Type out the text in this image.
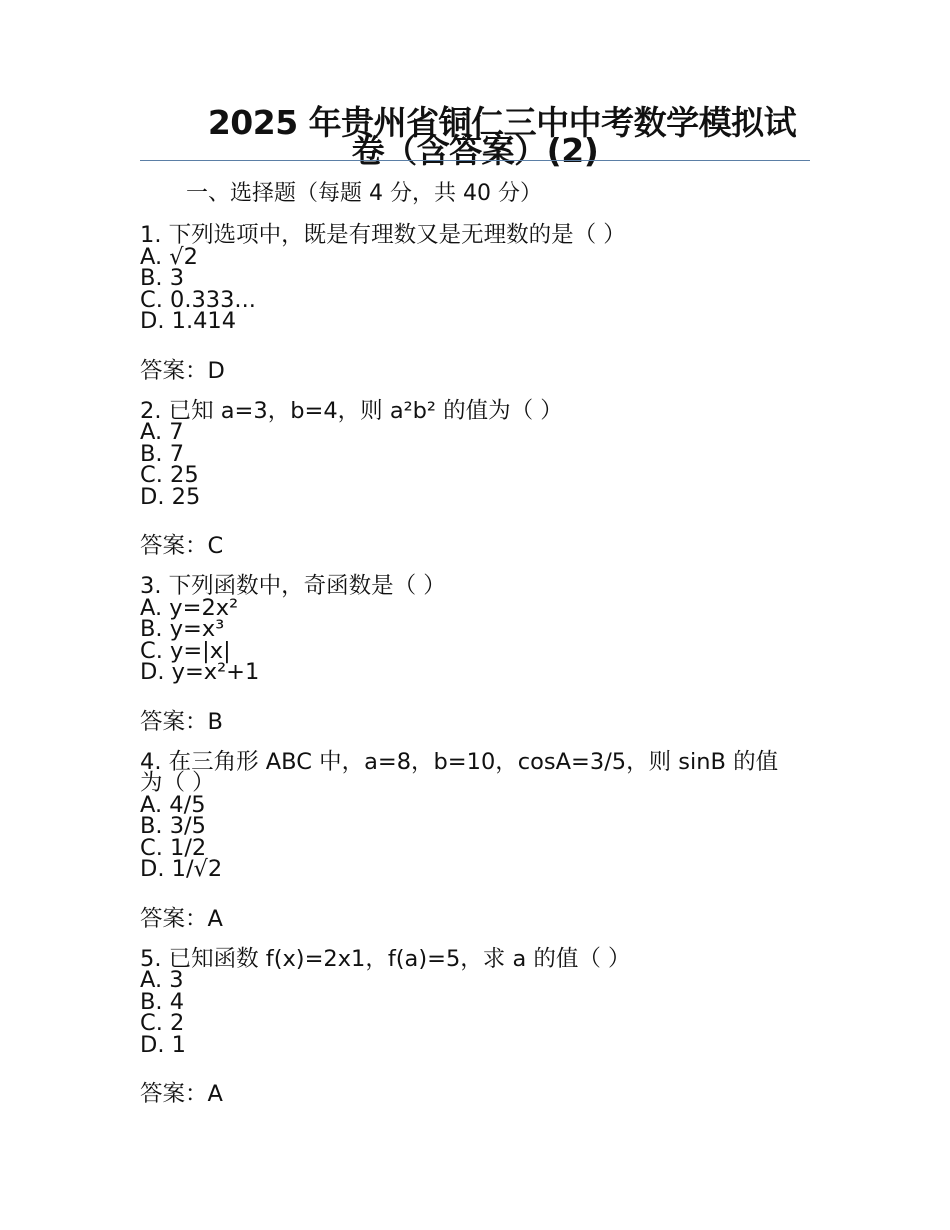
2025 年贵州省铜仁三中中考数学模拟试
卷（含答案）(2)

一、选择题（每题 4 分，共 40 分）

1. 下列选项中，既是有理数又是无理数的是（ ）

A. √2

B. 3

C. 0.333...

D. 1.414

答案：D

2. 已知 a=3，b=4，则 a²b² 的值为（ ）

A. 7

B. 7

C. 25

D. 25

答案：C

3. 下列函数中，奇函数是（ ）

A. y=2x²

B. y=x³

C. y=|x|

D. y=x²+1

答案：B

4. 在三角形 ABC 中，a=8，b=10，cosA=3/5，则 sinB 的值

为（ ）

A. 4/5

B. 3/5

C. 1/2

D. 1/√2

答案：A

5. 已知函数 f(x)=2x1，f(a)=5，求 a 的值（ ）

A. 3

B. 4

C. 2

D. 1

答案：A
